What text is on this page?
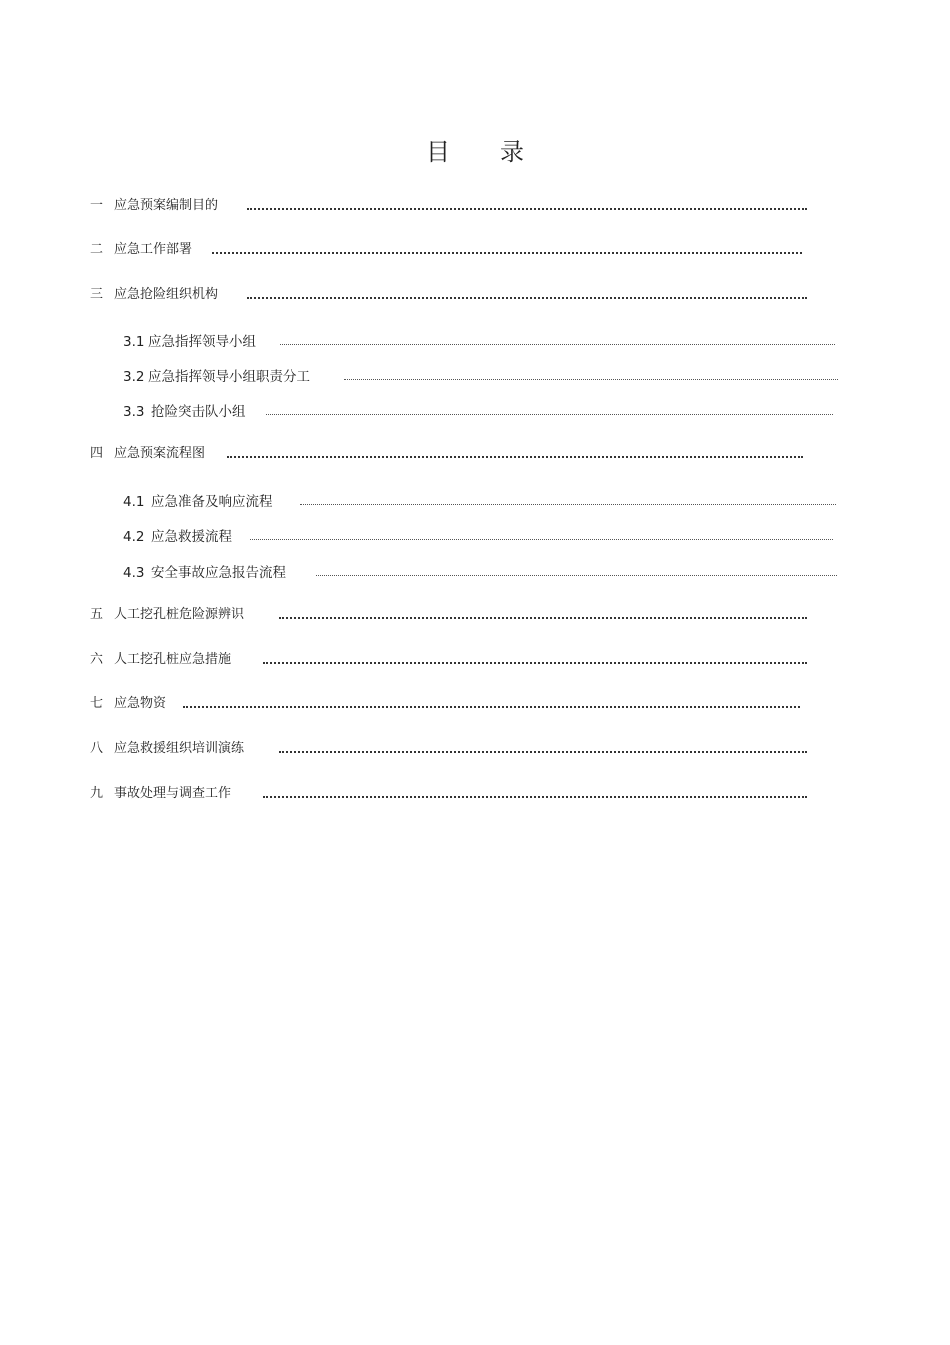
目 录
一 应急预案编制目的
二 应急工作部署
三 应急抢险组织机构
3.1 应急指挥领导小组
3.2 应急指挥领导小组职责分工
3.3 抢险突击队小组
四 应急预案流程图
4.1 应急准备及响应流程
4.2 应急救援流程
4.3 安全事故应急报告流程
五 人工挖孔桩危险源辨识
六 人工挖孔桩应急措施
七 应急物资
八 应急救援组织培训演练
九 事故处理与调查工作
